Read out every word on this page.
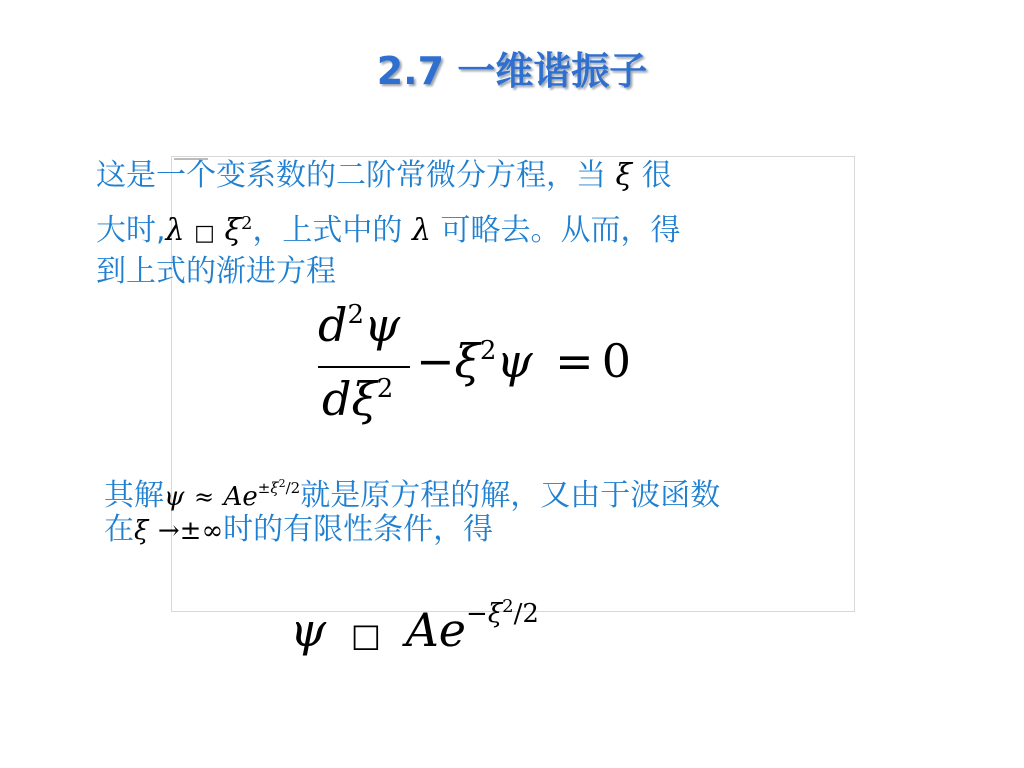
2.7 一维谐振子
这是一个变系数的二阶常微分方程，当 ξ 很
大时,λ □ $\xi^2$，上式中的 λ 可略去。从而，得
到上式的渐进方程
$d^2\psi$
$d\xi^2$
$-\xi^2\psi = 0$
其解$\psi \approx Ae^{\pm\xi^2/2}$就是原方程的解，又由于波函数
在ξ →±∞时的有限性条件，得
ψ □ $Ae^{-\xi^2/2}$
